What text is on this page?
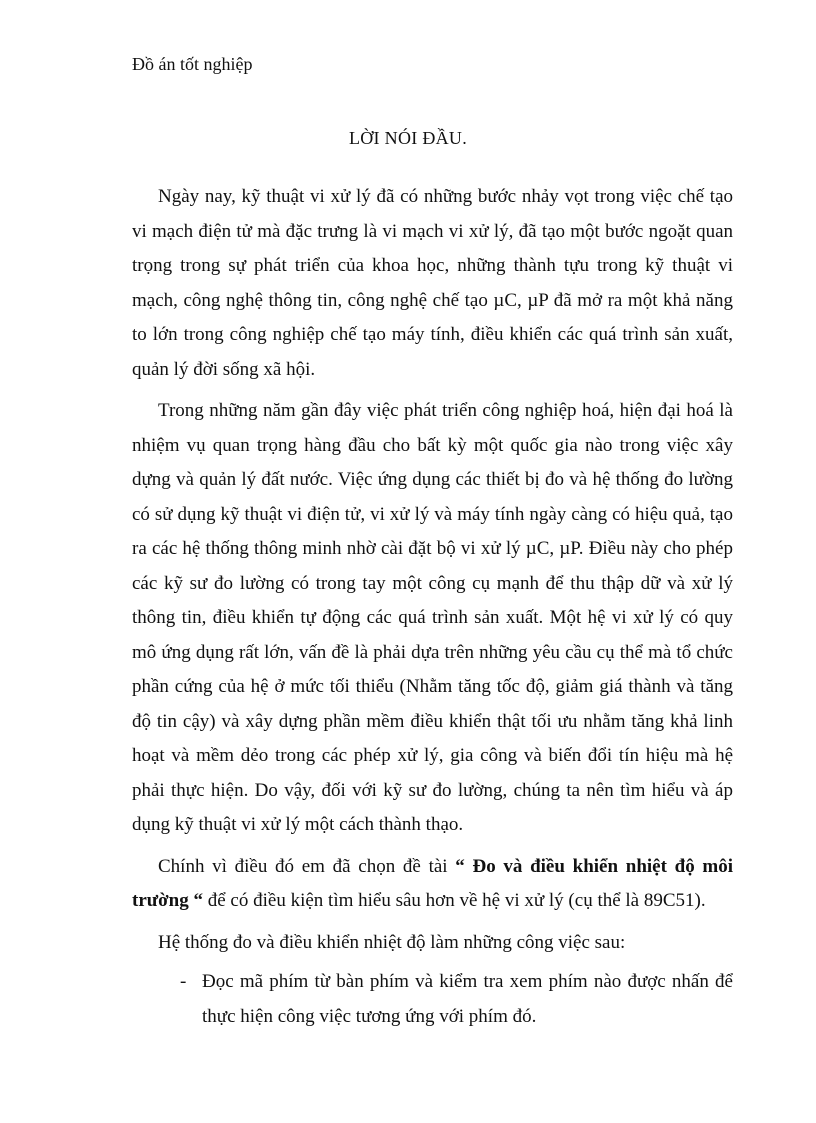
Đồ án tốt nghiệp
LỜI NÓI ĐẦU.

Ngày nay, kỹ thuật vi xử lý đã có những bước nhảy vọt trong việc chế tạo vi mạch điện tử mà đặc trưng là vi mạch vi xử lý, đã tạo một bước ngoặt quan trọng trong sự phát triển của khoa học, những thành tựu trong kỹ thuật vi mạch, công nghệ thông tin, công nghệ chế tạo µC, µP đã mở ra một khả năng to lớn trong công nghiệp chế tạo máy tính, điều khiển các quá trình sản xuất, quản lý đời sống xã hội.

Trong những năm gần đây việc phát triển công nghiệp hoá, hiện đại hoá là nhiệm vụ quan trọng hàng đầu cho bất kỳ một quốc gia nào trong việc xây dựng và quản lý đất nước. Việc ứng dụng các thiết bị đo và hệ thống đo lường có sử dụng kỹ thuật vi điện tử, vi xử lý và máy tính ngày càng có hiệu quả, tạo ra các hệ thống thông minh nhờ cài đặt bộ vi xử lý µC, µP. Điều này cho phép các kỹ sư đo lường có trong tay một công cụ mạnh để thu thập dữ và xử lý thông tin, điều khiển tự động các quá trình sản xuất. Một hệ vi xử lý có quy mô ứng dụng rất lớn, vấn đề là phải dựa trên những yêu cầu cụ thể mà tổ chức phần cứng của hệ ở mức tối thiểu (Nhằm tăng tốc độ, giảm giá thành và tăng độ tin cậy) và xây dựng phần mềm điều khiển thật tối ưu nhằm tăng khả linh hoạt và mềm dẻo trong các phép xử lý, gia công và biến đổi tín hiệu mà hệ phải thực hiện. Do vậy, đối với kỹ sư đo lường, chúng ta nên tìm hiểu và áp dụng kỹ thuật vi xử lý một cách thành thạo.

Chính vì điều đó em đã chọn đề tài “ Đo và điều khiển nhiệt độ môi trường “ để có điều kiện tìm hiểu sâu hơn về hệ vi xử lý (cụ thể là 89C51).

Hệ thống đo và điều khiển nhiệt độ làm những công việc sau:

- Đọc mã phím từ bàn phím và kiểm tra xem phím nào được nhấn để thực hiện công việc tương ứng với phím đó.
